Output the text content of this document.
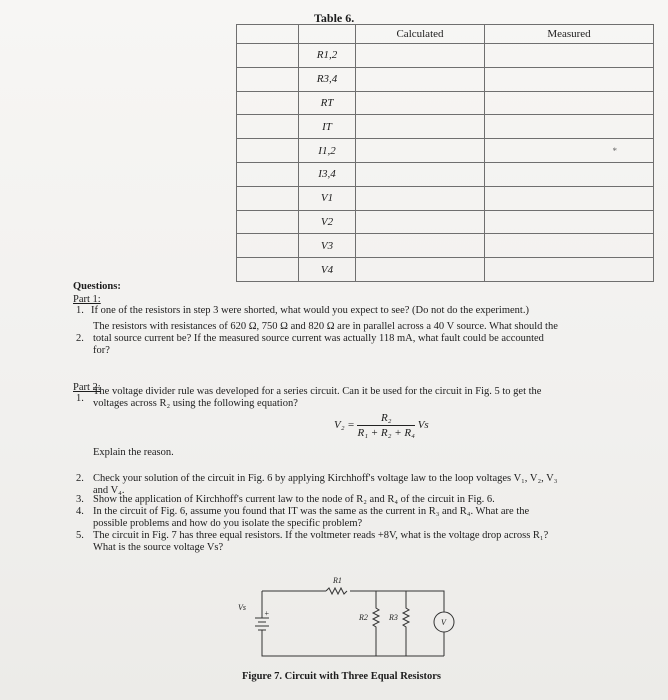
Table 6.
		Calculated	Measured
	R1,2		
	R3,4		
	RT		
	IT		
	I1,2		*
	I3,4		
	V1		
	V2		
	V3		
	V4		
Questions:
Part 1:
1. If one of the resistors in step 3 were shorted, what would you expect to see? (Do not do the experiment.)
2.
The resistors with resistances of 620 Ω, 750 Ω and 820 Ω are in parallel across a 40 V source. What should the
total source current be? If the measured source current was actually 118 mA, what fault could be accounted
for?
Part 2:
1.
The voltage divider rule was developed for a series circuit. Can it be used for the circuit in Fig. 5 to get the
voltages across R₂ using the following equation?
$V_2 = \frac{\text{R₂}}{\text{R₁ + R₂ + R₄}}$ Vs
Explain the reason.
2. Check your solution of the circuit in Fig. 6 by applying Kirchhoff's voltage law to the loop voltages V₁, V₂, V₃
and V₄.
3. Show the application of Kirchhoff's current law to the node of R₂ and R₄ of the circuit in Fig. 6.
4. In the circuit of Fig. 6, assume you found that IT was the same as the current in R₃ and R₄. What are the
possible problems and how do you isolate the specific problem?
5. The circuit in Fig. 7 has three equal resistors. If the voltmeter reads +8V, what is the voltage drop across R₁?
What is the source voltage Vs?
R1
R2	R3
Vs
+
V
Figure 7. Circuit with Three Equal Resistors
